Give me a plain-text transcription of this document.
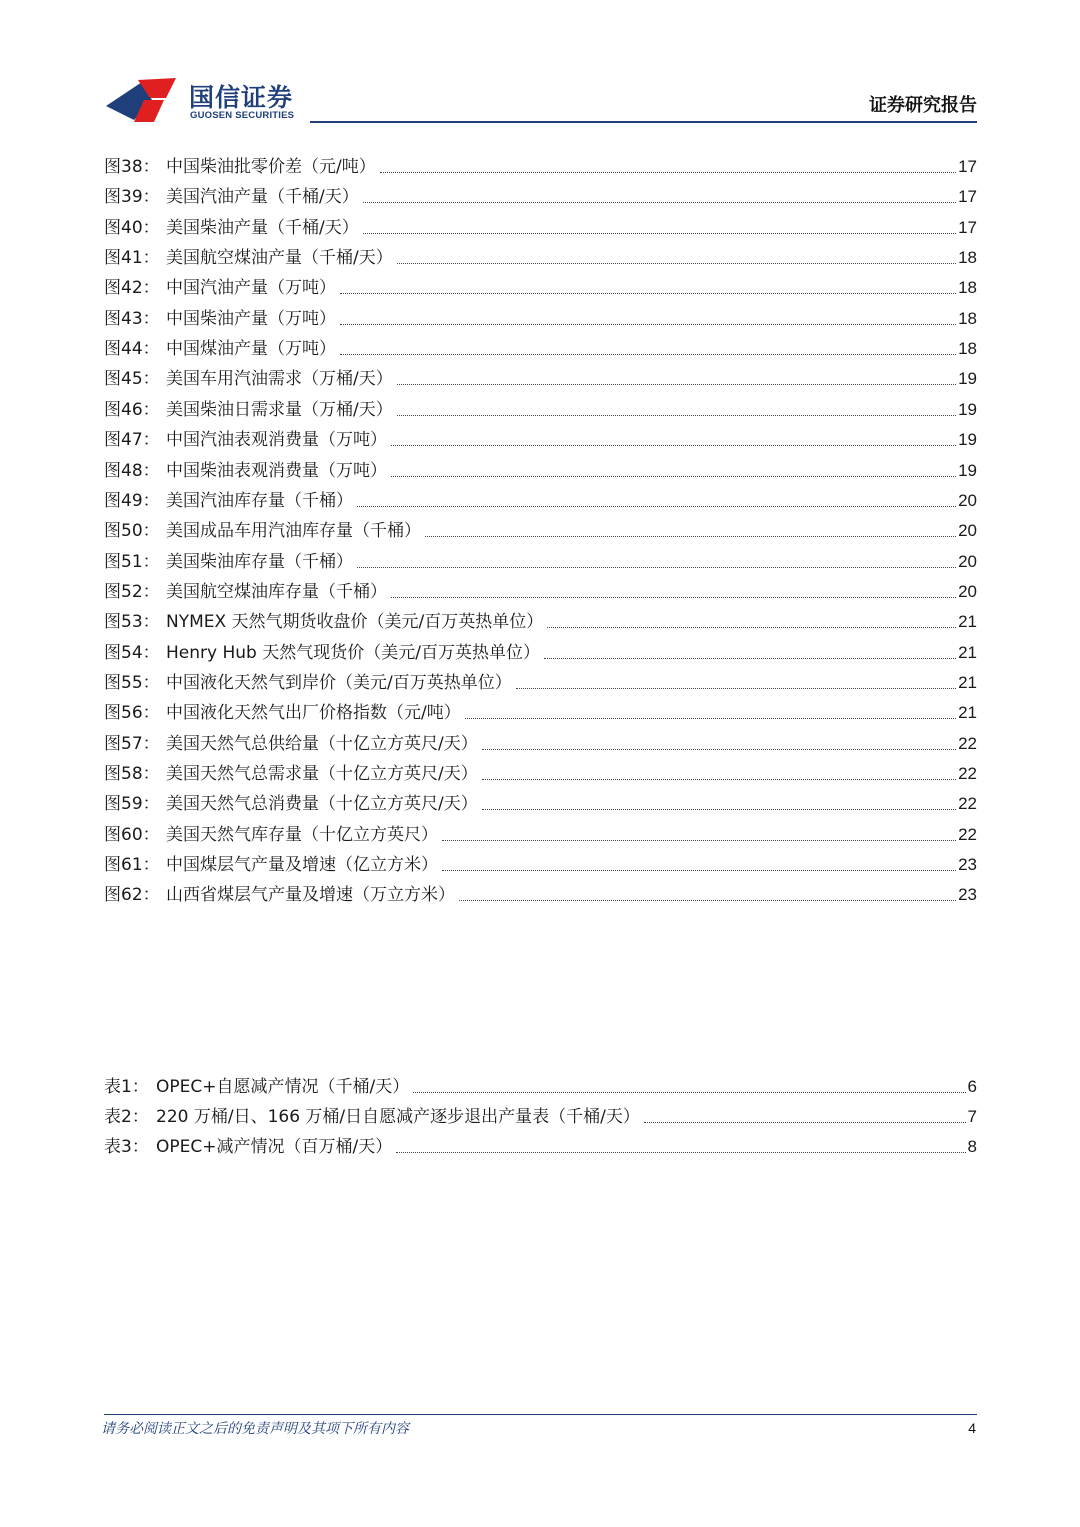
国信证券
GUOSEN SECURITIES	证券研究报告
图38： 中国柴油批零价差（元/吨）	17
图39： 美国汽油产量（千桶/天）	17
图40： 美国柴油产量（千桶/天）	17
图41： 美国航空煤油产量（千桶/天）	18
图42： 中国汽油产量（万吨）	18
图43： 中国柴油产量（万吨）	18
图44： 中国煤油产量（万吨）	18
图45： 美国车用汽油需求（万桶/天）	19
图46： 美国柴油日需求量（万桶/天）	19
图47： 中国汽油表观消费量（万吨）	19
图48： 中国柴油表观消费量（万吨）	19
图49： 美国汽油库存量（千桶）	20
图50： 美国成品车用汽油库存量（千桶）	20
图51： 美国柴油库存量（千桶）	20
图52： 美国航空煤油库存量（千桶）	20
图53： NYMEX 天然气期货收盘价（美元/百万英热单位）	21
图54： Henry Hub 天然气现货价（美元/百万英热单位）	21
图55： 中国液化天然气到岸价（美元/百万英热单位）	21
图56： 中国液化天然气出厂价格指数（元/吨）	21
图57： 美国天然气总供给量（十亿立方英尺/天）	22
图58： 美国天然气总需求量（十亿立方英尺/天）	22
图59： 美国天然气总消费量（十亿立方英尺/天）	22
图60： 美国天然气库存量（十亿立方英尺）	22
图61： 中国煤层气产量及增速（亿立方米）	23
图62： 山西省煤层气产量及增速（万立方米）	23
表1： OPEC+自愿减产情况（千桶/天）	6
表2： 220 万桶/日、166 万桶/日自愿减产逐步退出产量表（千桶/天）	7
表3： OPEC+减产情况（百万桶/天）	8
请务必阅读正文之后的免责声明及其项下所有内容	4
